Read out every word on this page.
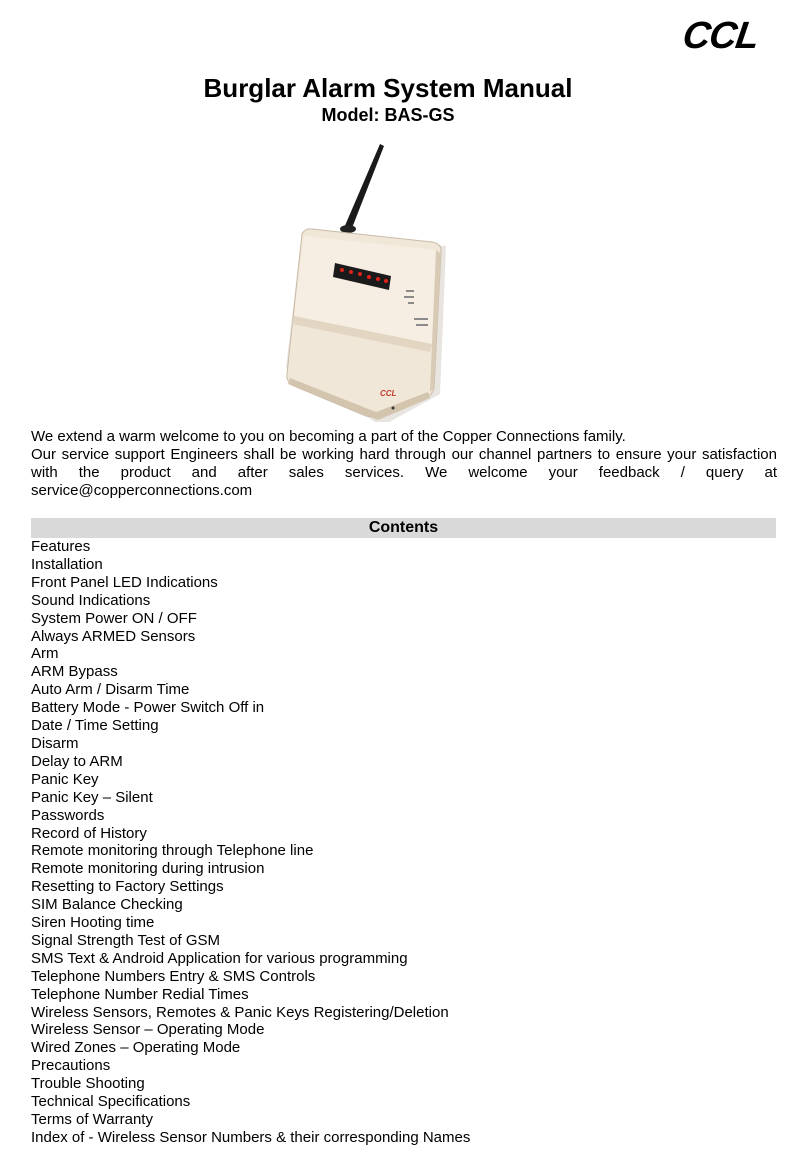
CCL
Burglar Alarm System Manual
Model: BAS-GS
CCL

We extend a warm welcome to you on becoming a part of the Copper Connections family.

Our service support Engineers shall be working hard through our channel partners to ensure your satisfaction with the product and after sales services. We welcome your feedback / query at service@copperconnections.com

Contents
Features
Installation
Front Panel LED Indications
Sound Indications
System Power ON / OFF
Always ARMED Sensors
Arm
ARM Bypass
Auto Arm / Disarm Time
Battery Mode - Power Switch Off in
Date / Time Setting
Disarm
Delay to ARM
Panic Key
Panic Key – Silent
Passwords
Record of History
Remote monitoring through Telephone line
Remote monitoring during intrusion
Resetting to Factory Settings
SIM Balance Checking
Siren Hooting time
Signal Strength Test of GSM
SMS Text & Android Application for various programming
Telephone Numbers Entry & SMS Controls
Telephone Number Redial Times
Wireless Sensors, Remotes & Panic Keys Registering/Deletion
Wireless Sensor – Operating Mode
Wired Zones – Operating Mode
Precautions
Trouble Shooting
Technical Specifications
Terms of Warranty
Index of - Wireless Sensor Numbers & their corresponding Names
